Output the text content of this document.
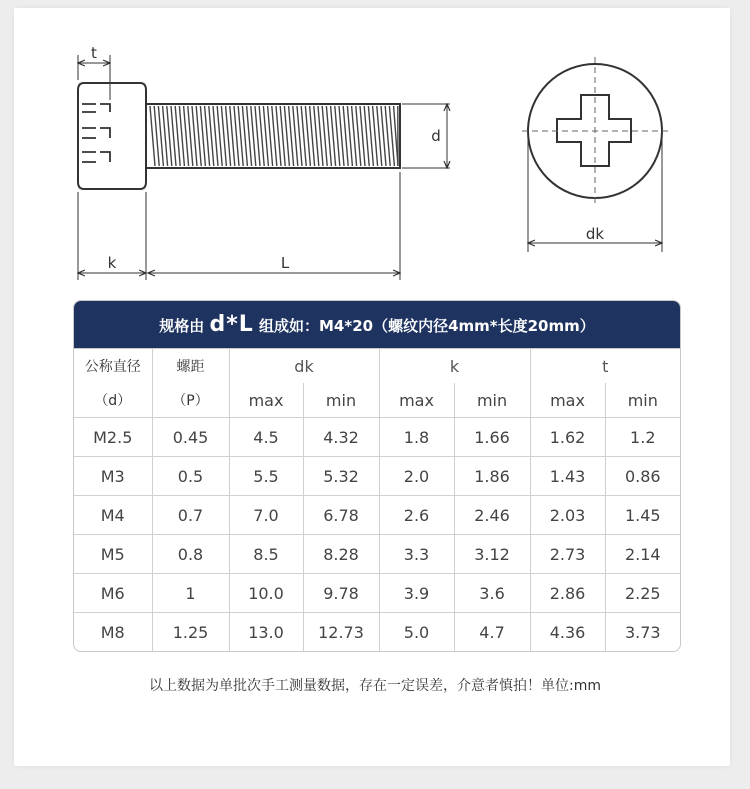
t
d
k	L
dk
规格由 d*L 组成如：M4*20（螺纹内径4mm*长度20mm）
公称直径	螺距	dk		k		t	
（d）	（P）	max	min	max	min	max	min
M2.5	0.45	4.5	4.32	1.8	1.66	1.62	1.2
M3	0.5	5.5	5.32	2.0	1.86	1.43	0.86
M4	0.7	7.0	6.78	2.6	2.46	2.03	1.45
M5	0.8	8.5	8.28	3.3	3.12	2.73	2.14
M6	1	10.0	9.78	3.9	3.6	2.86	2.25
M8	1.25	13.0	12.73	5.0	4.7	4.36	3.73
以上数据为单批次手工测量数据，存在一定误差，介意者慎拍！单位:mm
